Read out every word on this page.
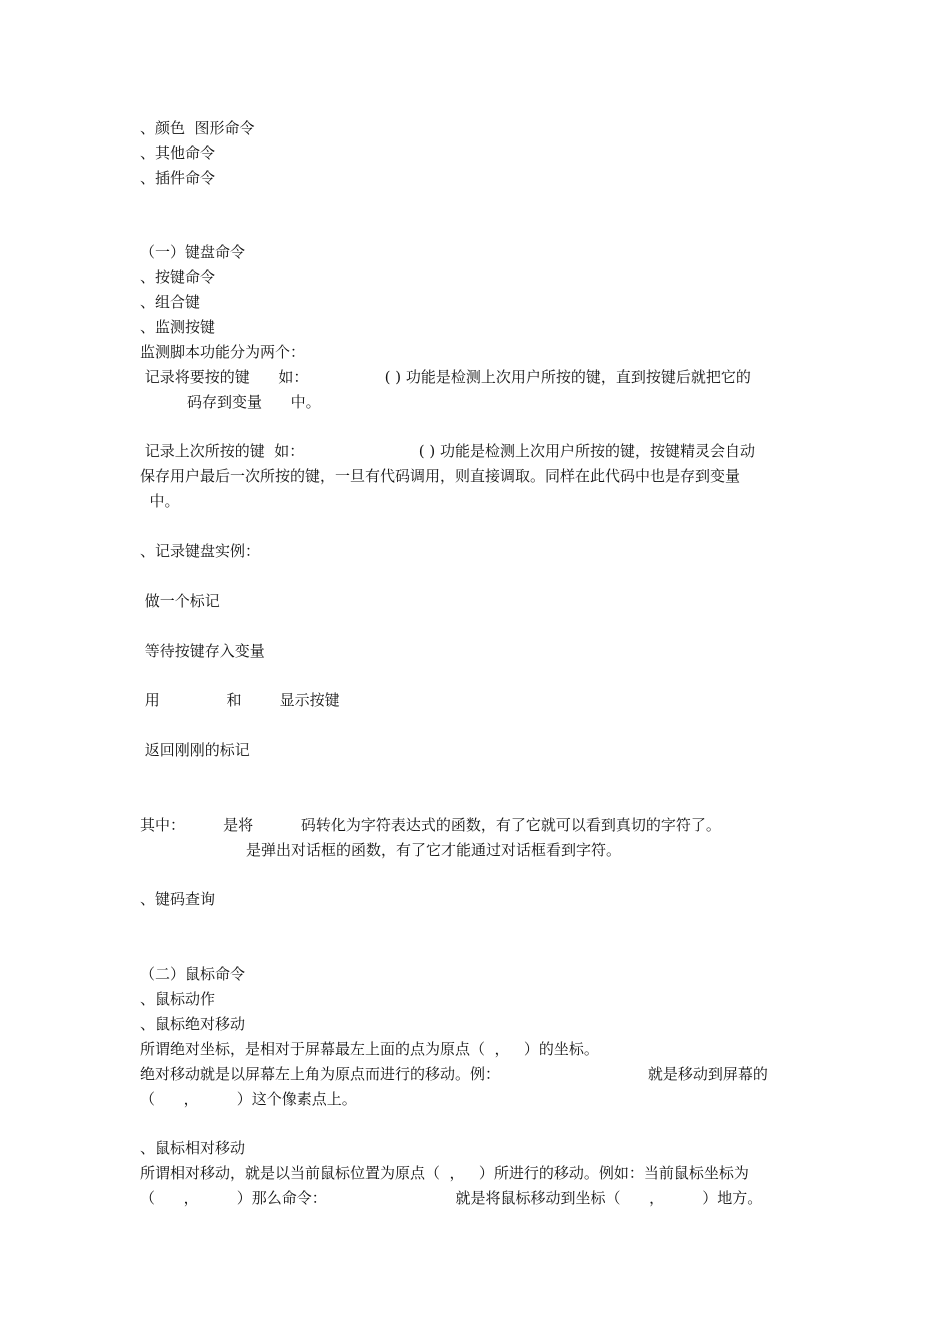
、颜色  图形命令
、其他命令
、插件命令
（一）键盘命令
、按键命令
、组合键
、监测按键
监测脚本功能分为两个：
记录将要按的键      如：                ( ) 功能是检测上次用户所按的键，直到按键后就把它的
码存到变量      中。
记录上次所按的键  如：                        ( ) 功能是检测上次用户所按的键，按键精灵会自动
保存用户最后一次所按的键，一旦有代码调用，则直接调取。同样在此代码中也是存到变量
中。
、记录键盘实例：
做一个标记
等待按键存入变量
用              和        显示按键
返回刚刚的标记
其中：        是将          码转化为字符表达式的函数，有了它就可以看到真切的字符了。
是弹出对话框的函数，有了它才能通过对话框看到字符。
、键码查询
（二）鼠标命令
、鼠标动作
、鼠标绝对移动
所谓绝对坐标，是相对于屏幕最左上面的点为原点（  ，   ）的坐标。
绝对移动就是以屏幕左上角为原点而进行的移动。例：                               就是移动到屏幕的
（      ，        ）这个像素点上。
、鼠标相对移动
所谓相对移动，就是以当前鼠标位置为原点（  ，   ）所进行的移动。例如：当前鼠标坐标为
（      ，        ）那么命令：                           就是将鼠标移动到坐标（      ，        ）地方。
